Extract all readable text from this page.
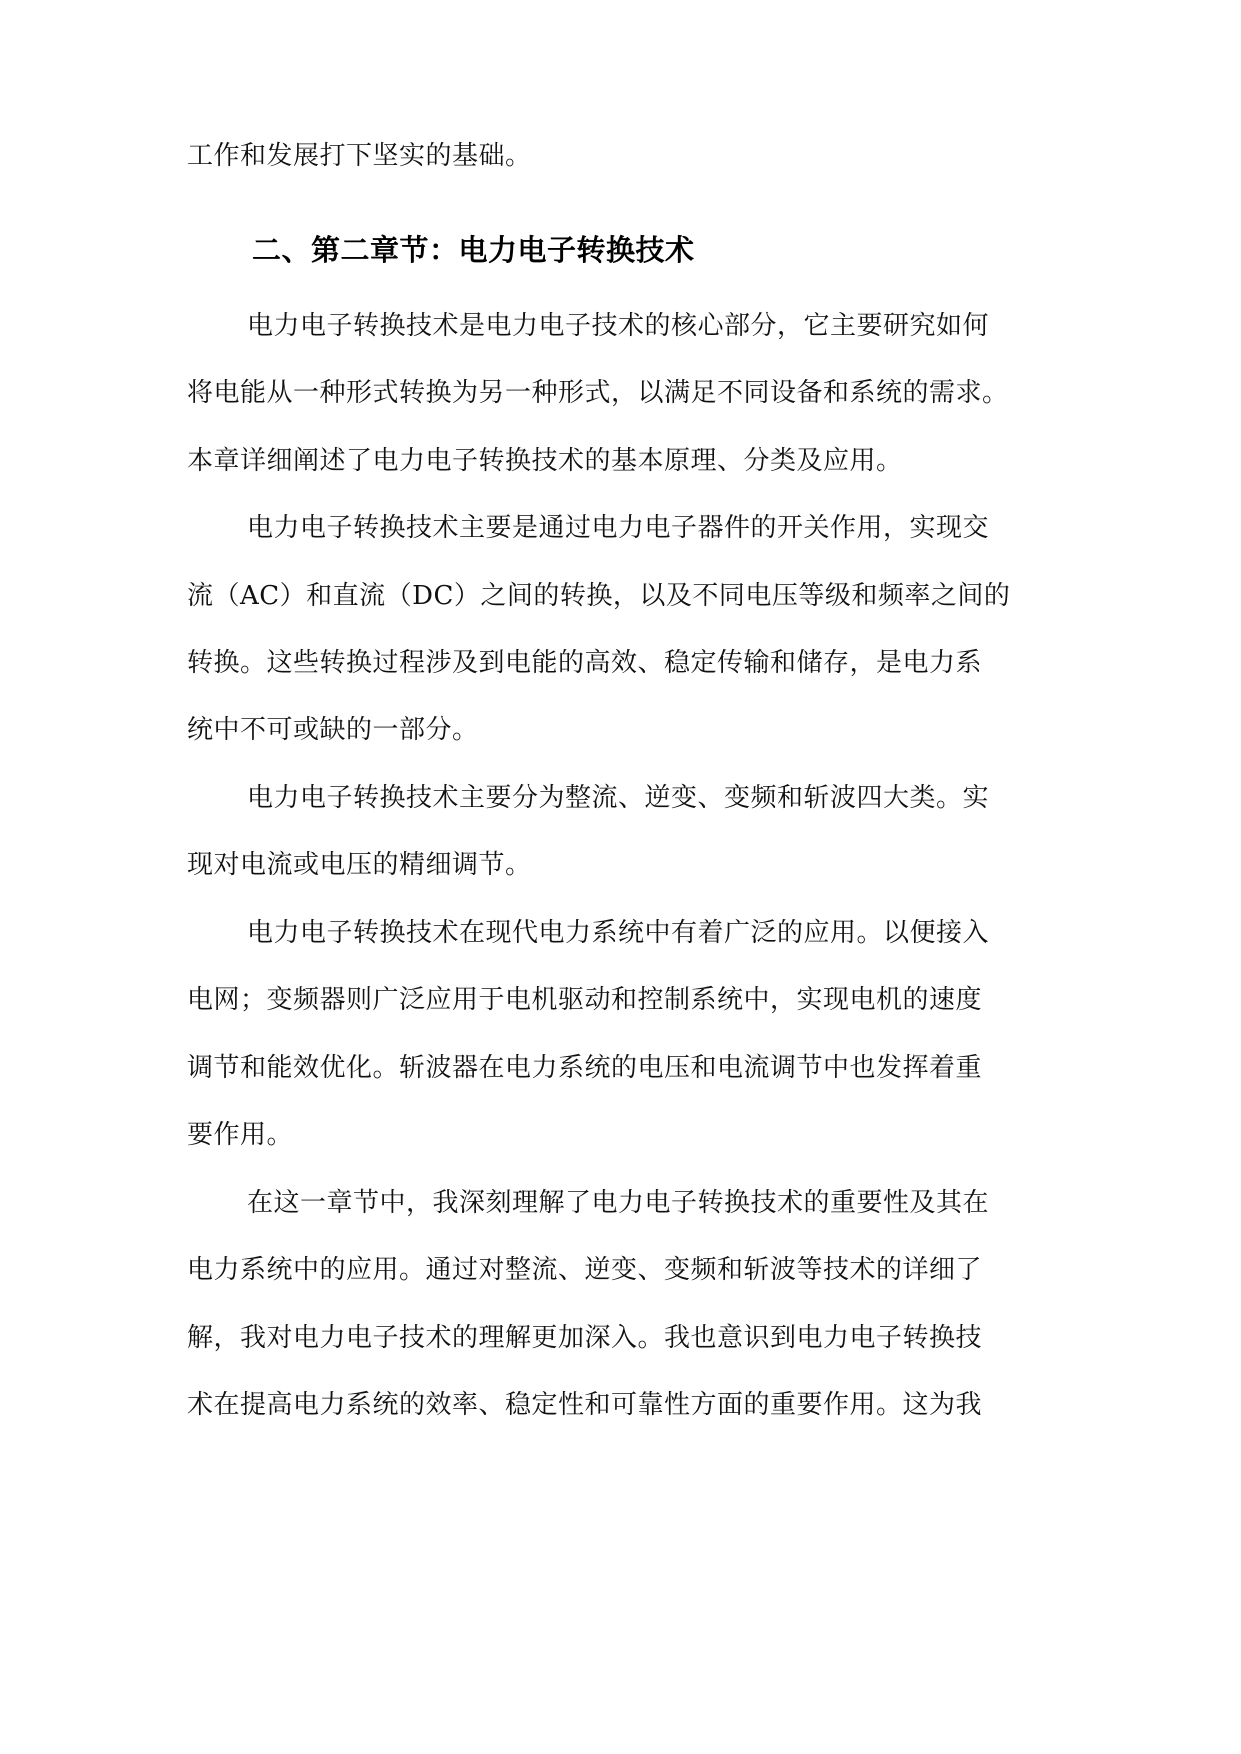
工作和发展打下坚实的基础。
二、第二章节：电力电子转换技术
电力电子转换技术是电力电子技术的核心部分，它主要研究如何
将电能从一种形式转换为另一种形式，以满足不同设备和系统的需求。
本章详细阐述了电力电子转换技术的基本原理、分类及应用。
电力电子转换技术主要是通过电力电子器件的开关作用，实现交
流（AC）和直流（DC）之间的转换，以及不同电压等级和频率之间的
转换。这些转换过程涉及到电能的高效、稳定传输和储存，是电力系
统中不可或缺的一部分。
电力电子转换技术主要分为整流、逆变、变频和斩波四大类。实
现对电流或电压的精细调节。
电力电子转换技术在现代电力系统中有着广泛的应用。以便接入
电网；变频器则广泛应用于电机驱动和控制系统中，实现电机的速度
调节和能效优化。斩波器在电力系统的电压和电流调节中也发挥着重
要作用。
在这一章节中，我深刻理解了电力电子转换技术的重要性及其在
电力系统中的应用。通过对整流、逆变、变频和斩波等技术的详细了
解，我对电力电子技术的理解更加深入。我也意识到电力电子转换技
术在提高电力系统的效率、稳定性和可靠性方面的重要作用。这为我
